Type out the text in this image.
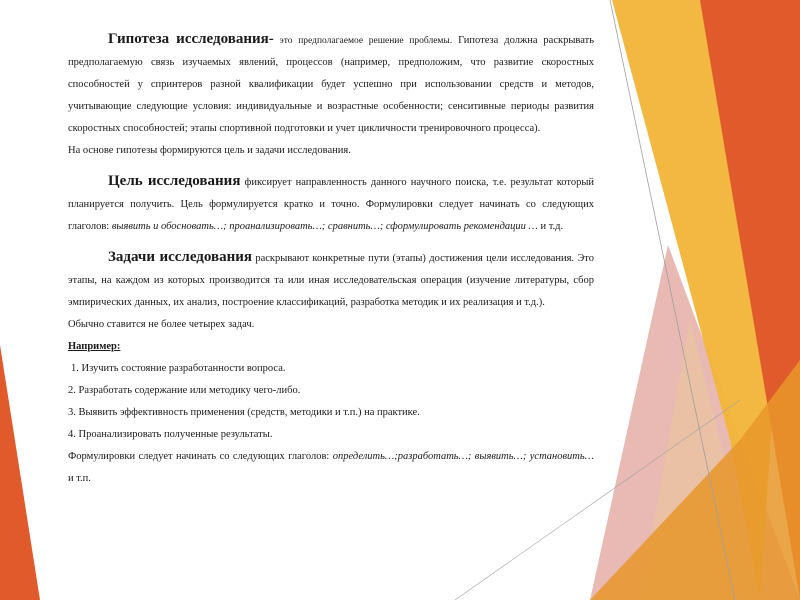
Гипотеза исследования- это предполагаемое решение проблемы. Гипотеза должна раскрывать предполагаемую связь изучаемых явлений, процессов (например, предположим, что развитие скоростных способностей у спринтеров разной квалификации будет успешно при использовании средств и методов, учитывающие следующие условия: индивидуальные и возрастные особенности; сенситивные периоды развития скоростных способностей; этапы спортивной подготовки и учет цикличности тренировочного процесса).

На основе гипотезы формируются цель и задачи исследования.

Цель исследования фиксирует направленность данного научного поиска, т.е. результат который планируется получить. Цель формулируется кратко и точно. Формулировки следует начинать со следующих глаголов: выявить и обосновать…; проанализировать…; сравнить…; сформулировать рекомендации … и т.д.

Задачи исследования раскрывают конкретные пути (этапы) достижения цели исследования. Это этапы, на каждом из которых производится та или иная исследовательская операция (изучение литературы, сбор эмпирических данных, их анализ, построение классификаций, разработка методик и их реализация и т.д.).

Обычно ставится не более четырех задач.

Например:

1. Изучить состояние разработанности вопроса.

2. Разработать содержание или методику чего-либо.

3. Выявить эффективность применения (средств, методики и т.п.) на практике.

4. Проанализировать полученные результаты.

Формулировки следует начинать со следующих глаголов: определить…;разработать…; выявить…; установить… и т.п.
